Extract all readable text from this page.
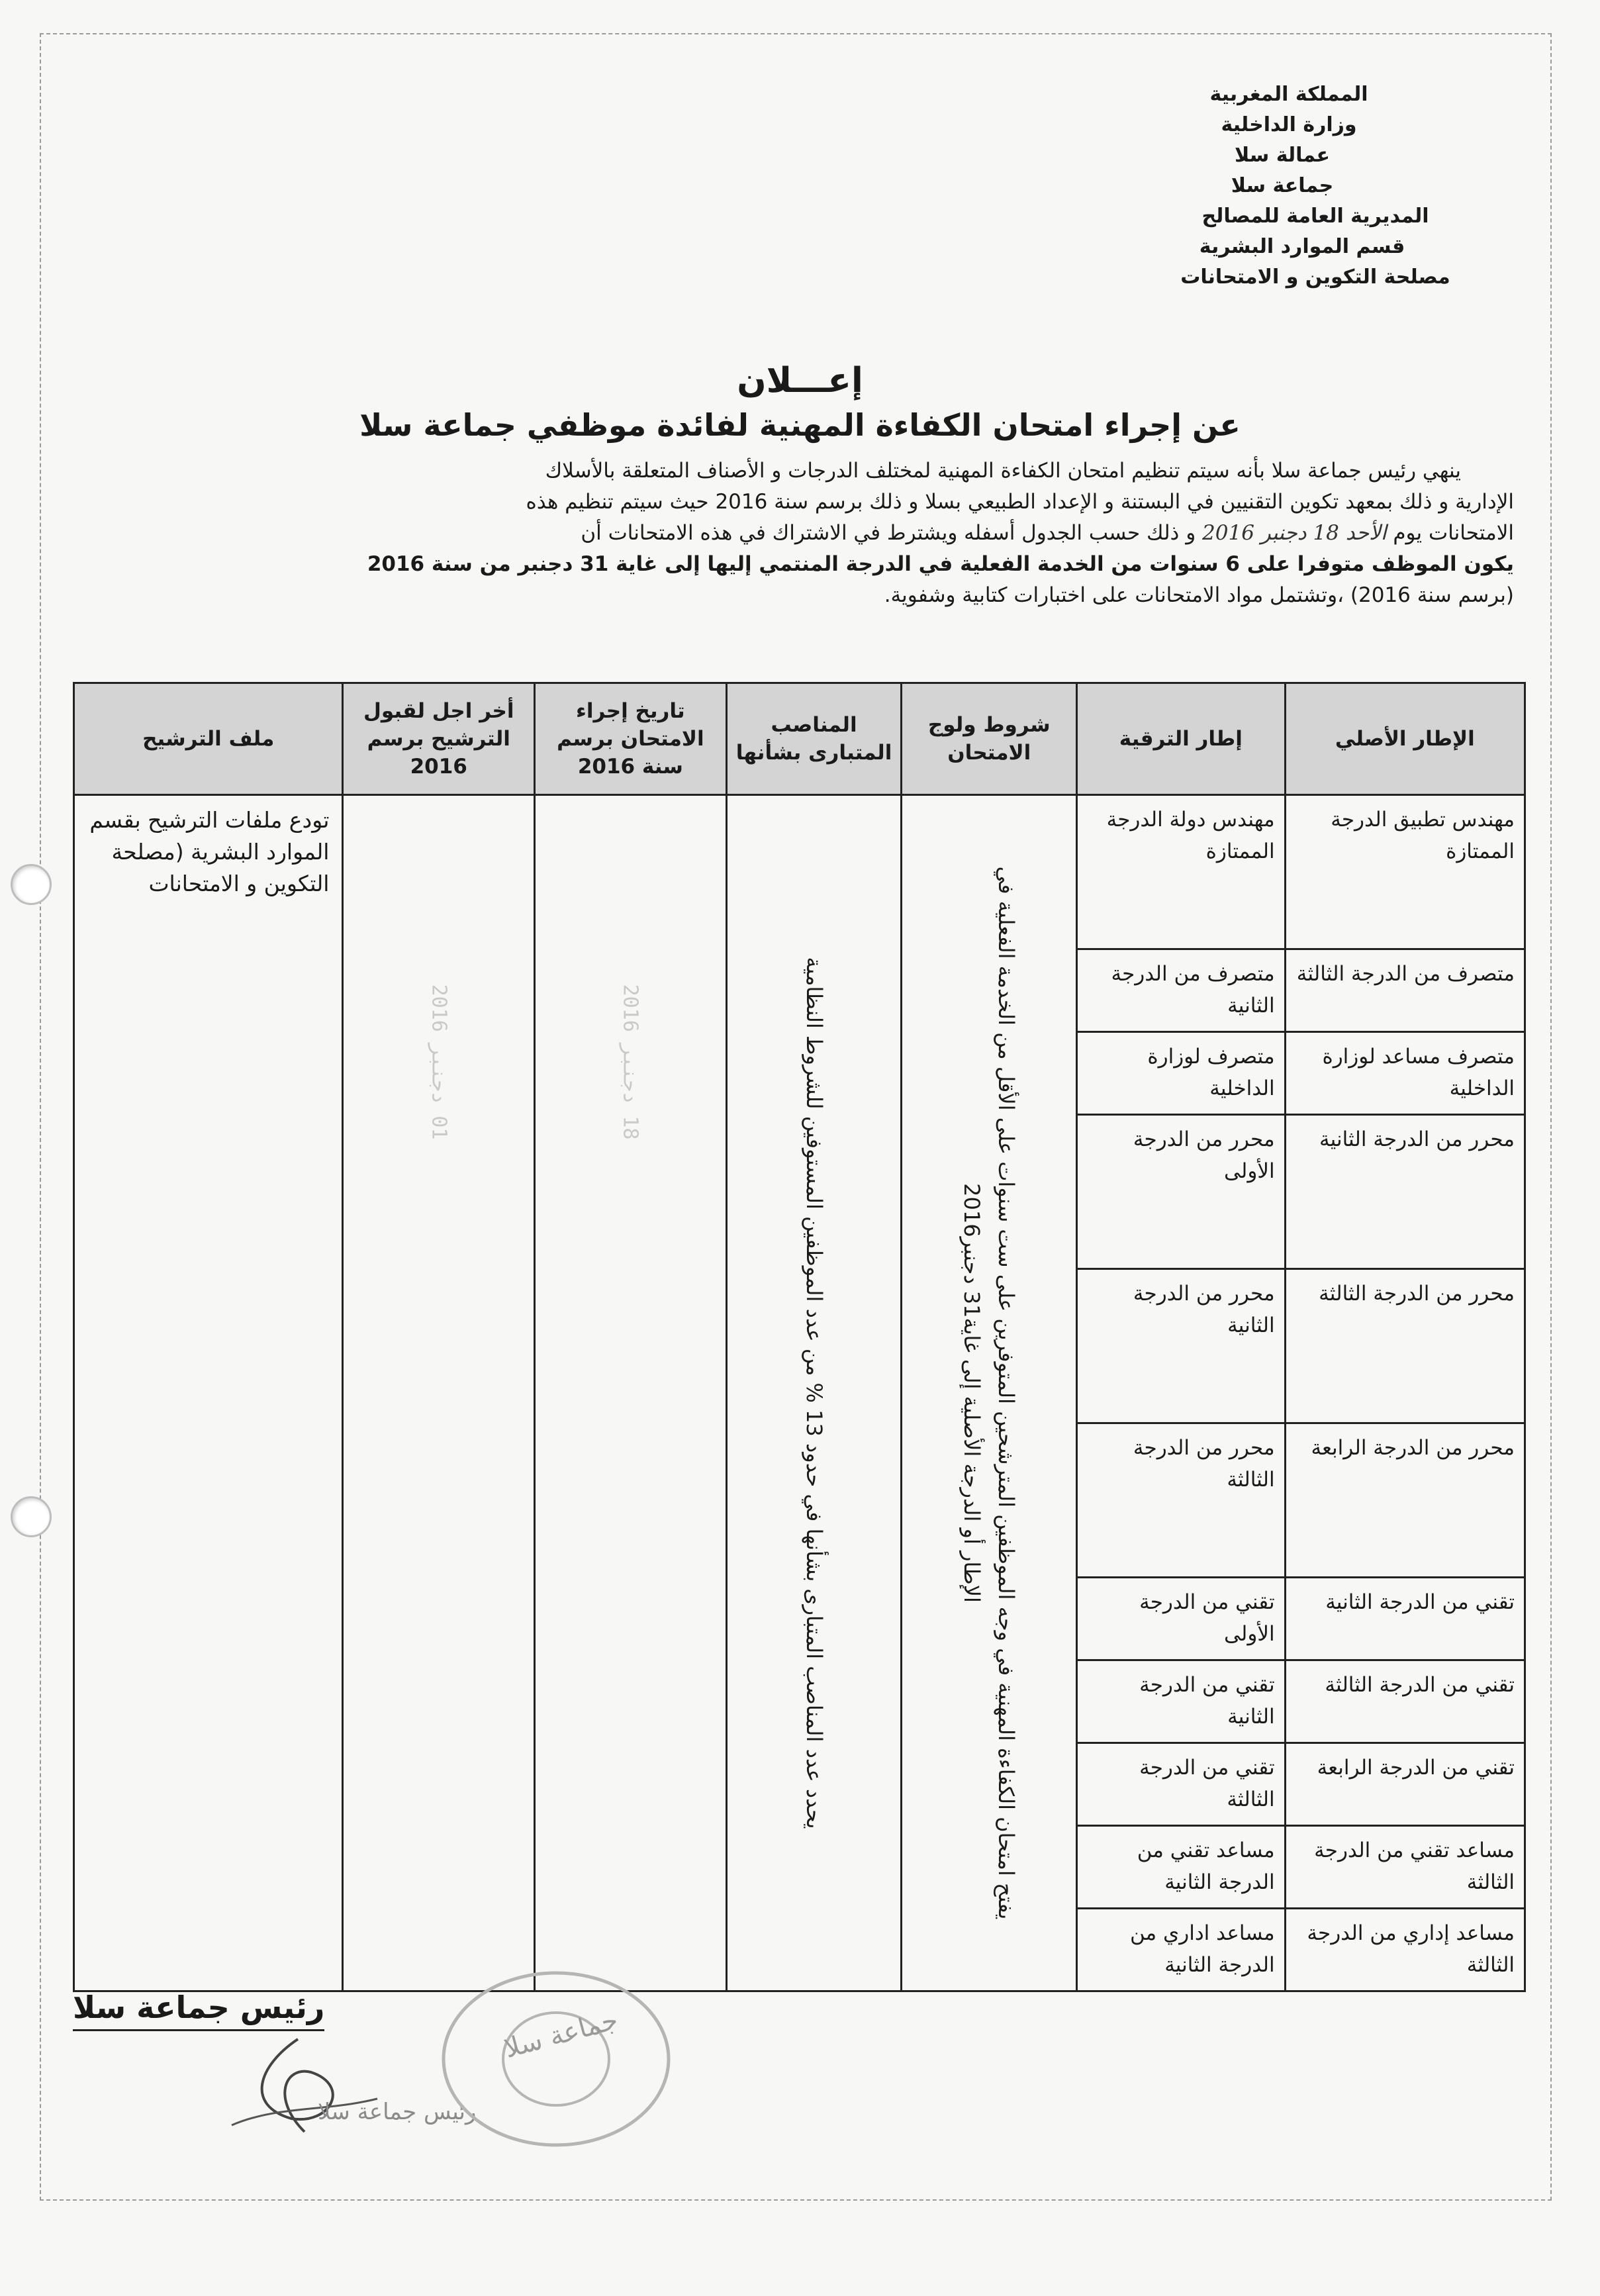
المملكة المغربية
وزارة الداخلية
عمالة سلا
جماعة سلا
المديرية العامة للمصالح
قسم الموارد البشرية
مصلحة التكوين و الامتحانات
إعـــلان
عن إجراء امتحان الكفاءة المهنية لفائدة موظفي جماعة سلا

ينهي رئيس جماعة سلا بأنه سيتم تنظيم امتحان الكفاءة المهنية لمختلف الدرجات و الأصناف المتعلقة بالأسلاك

الإدارية و ذلك بمعهد تكوين التقنيين في البستنة و الإعداد الطبيعي بسلا و ذلك برسم سنة 2016 حيث سيتم تنظيم هذه

الامتحانات يوم الأحد 18 دجنبر 2016 و ذلك حسب الجدول أسفله ويشترط في الاشتراك في هذه الامتحانات أن

يكون الموظف متوفرا على 6 سنوات من الخدمة الفعلية في الدرجة المنتمي إليها إلى غاية 31 دجنبر من سنة 2016

(برسم سنة 2016) ،وتشتمل مواد الامتحانات على اختبارات كتابية وشفوية.

الإطار الأصلي	إطار الترقية	شروط ولوج الامتحان	المناصب المتبارى بشأنها	تاريخ إجراء الامتحان برسم سنة 2016	أخر اجل لقبول الترشيح برسم 2016	ملف الترشيح
مهندس تطبيق الدرجة الممتازة	مهندس دولة الدرجة الممتازة	يفتح امتحان الكفاءة المهنية في وجه الموظفين المترشحين المتوفرين على ست سنوات على الأقل من الخدمة الفعلية في الإطار أو الدرجة الأصلية إلى غاية31 دجنبر2016	يحدد عدد المناصب المتبارى بشأنها في حدود 13 % من عدد الموظفين المستوفين للشروط النظامية	18 دجنبر 2016	01 دجنبر 2016	تودع ملفات الترشيح بقسم الموارد البشرية (مصلحة التكوين و الامتحانات

متصرف من الدرجة الثالثة	متصرف من الدرجة الثانية					
متصرف مساعد لوزارة الداخلية	متصرف لوزارة الداخلية					
محرر من الدرجة الثانية	محرر من الدرجة الأولى					
محرر من الدرجة الثالثة	محرر من الدرجة الثانية					
محرر من الدرجة الرابعة	محرر من الدرجة الثالثة					
تقني من الدرجة الثانية	تقني من الدرجة الأولى					
تقني من الدرجة الثالثة	تقني من الدرجة الثانية					
تقني من الدرجة الرابعة	تقني من الدرجة الثالثة					
مساعد تقني من الدرجة الثالثة	مساعد تقني من الدرجة الثانية					
مساعد إداري من الدرجة الثالثة	مساعد اداري من الدرجة الثانية					
رئيس جماعة سلا
رئيس جماعة سلا
جماعة سلا
